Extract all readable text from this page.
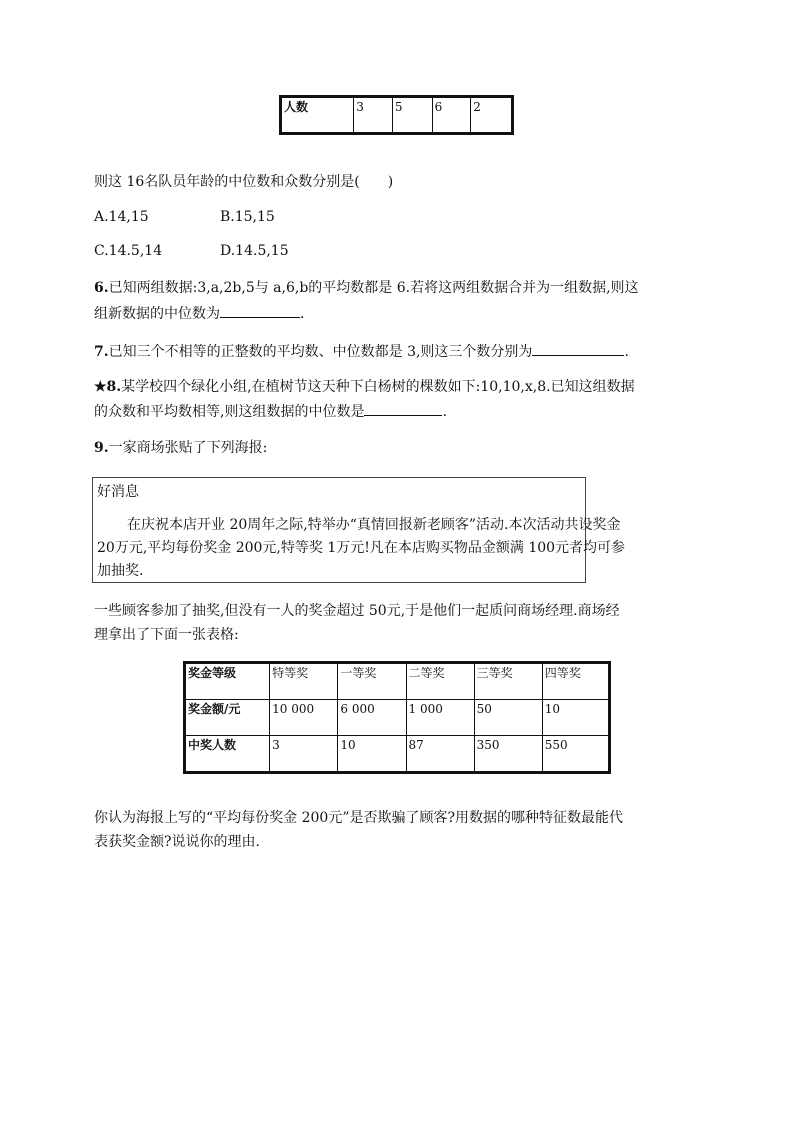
人数	3	5	6	2
则这 16名队员年龄的中位数和众数分别是(　　)
A.14,15	B.15,15
C.14.5,14	D.14.5,15
6.已知两组数据:3,a,2b,5与 a,6,b的平均数都是 6.若将这两组数据合并为一组数据,则这
组新数据的中位数为	.
7.已知三个不相等的正整数的平均数、中位数都是 3,则这三个数分别为	.
★8.某学校四个绿化小组,在植树节这天种下白杨树的棵数如下:10,10,x,8.已知这组数据
的众数和平均数相等,则这组数据的中位数是	.
9.一家商场张贴了下列海报:
好消息
在庆祝本店开业 20周年之际,特举办“真情回报新老顾客”活动.本次活动共设奖金
20万元,平均每份奖金 200元,特等奖 1万元!凡在本店购买物品金额满 100元者均可参
加抽奖.
一些顾客参加了抽奖,但没有一人的奖金超过 50元,于是他们一起质问商场经理.商场经
理拿出了下面一张表格:
奖金等级	特等奖	一等奖	二等奖	三等奖	四等奖
奖金额/元	10 000	6 000	1 000	50	10
中奖人数	3	10	87	350	550
你认为海报上写的“平均每份奖金 200元”是否欺骗了顾客?用数据的哪种特征数最能代
表获奖金额?说说你的理由.
